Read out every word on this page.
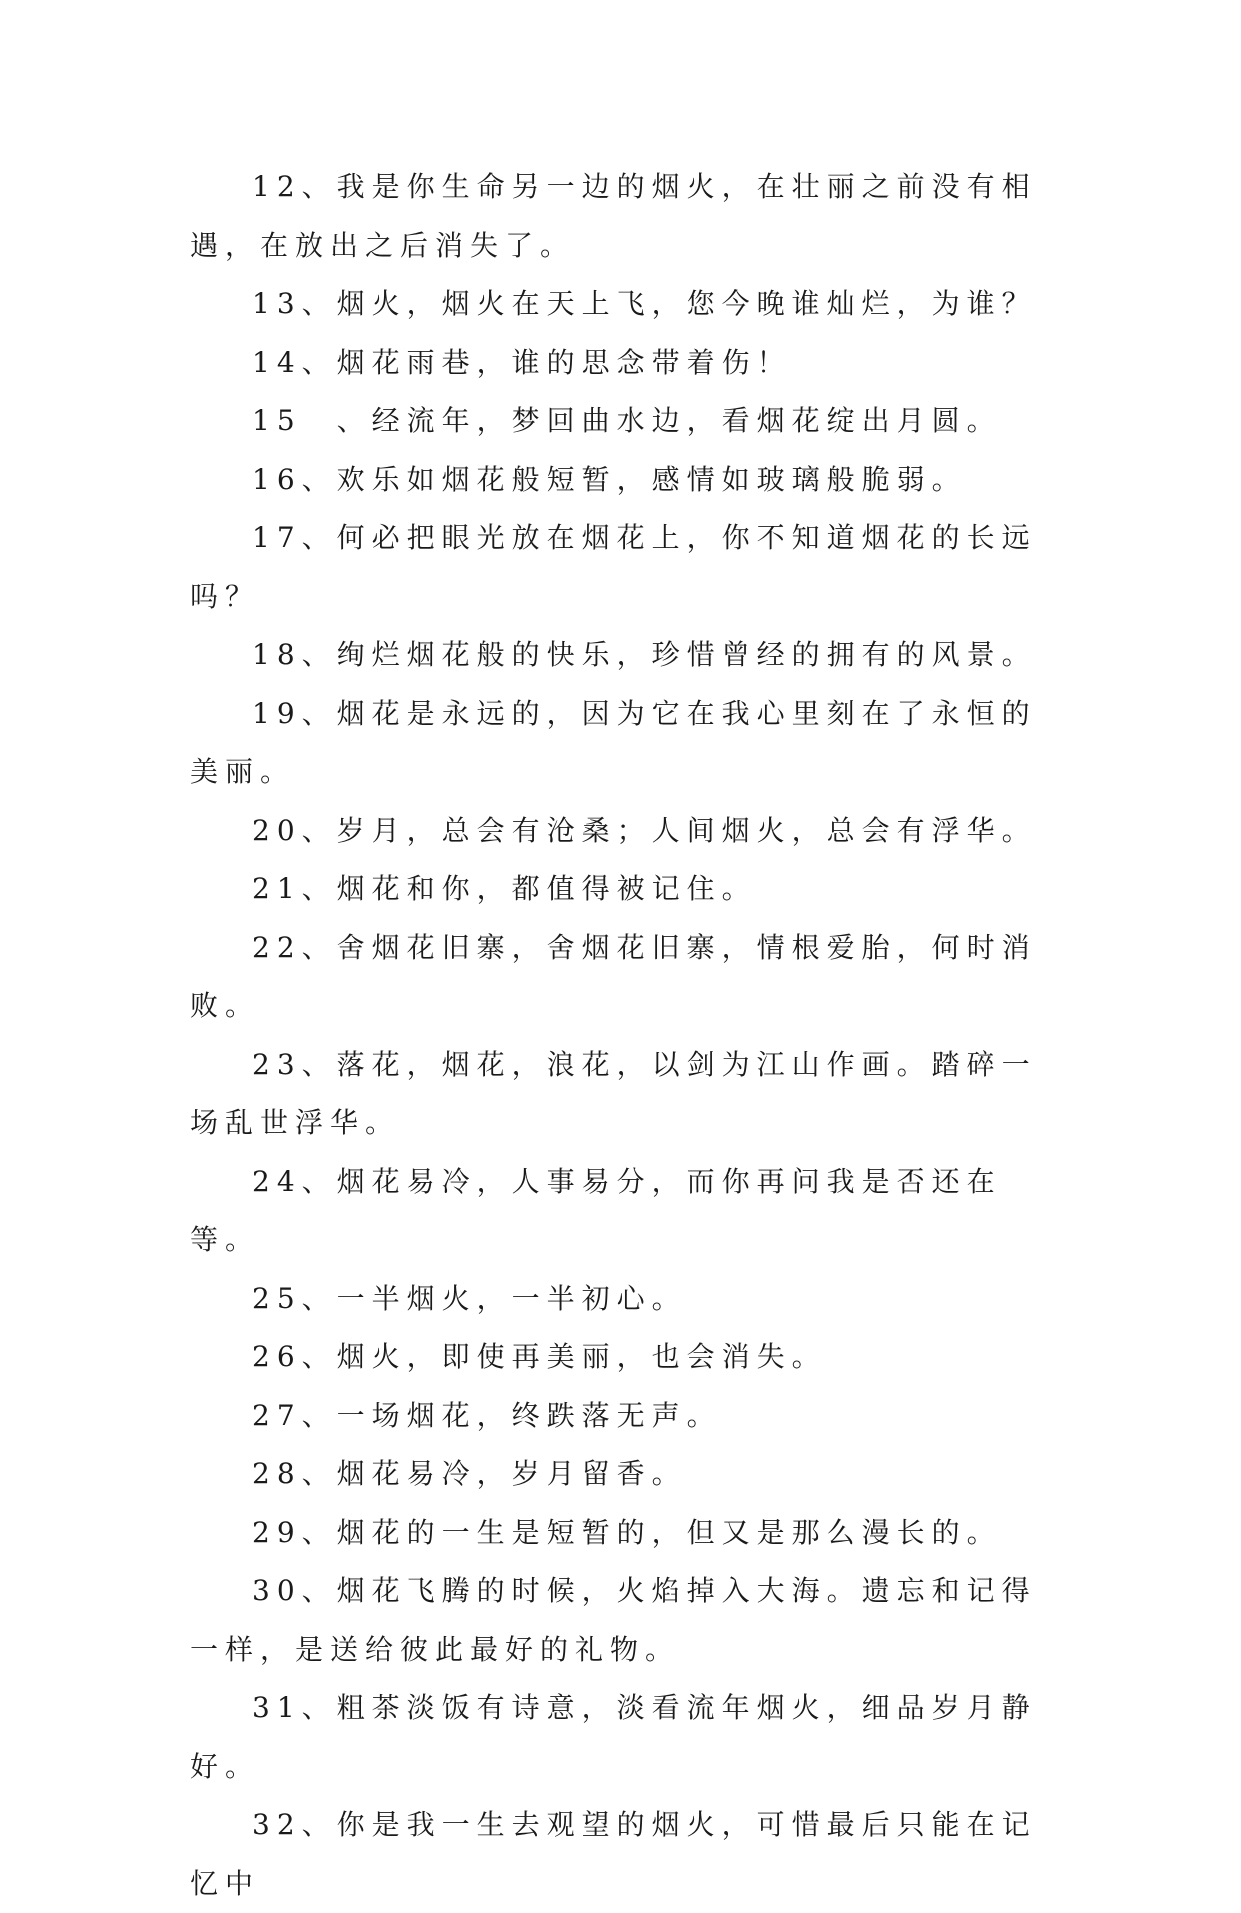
12、我是你生命另一边的烟火，在壮丽之前没有相遇，在放出之后消失了。

13、烟火，烟火在天上飞，您今晚谁灿烂，为谁？

14、烟花雨巷，谁的思念带着伤！

15　、经流年，梦回曲水边，看烟花绽出月圆。

16、欢乐如烟花般短暂，感情如玻璃般脆弱。

17、何必把眼光放在烟花上，你不知道烟花的长远吗？

18、绚烂烟花般的快乐，珍惜曾经的拥有的风景。

19、烟花是永远的，因为它在我心里刻在了永恒的美丽。

20、岁月，总会有沧桑；人间烟火，总会有浮华。

21、烟花和你，都值得被记住。

22、舍烟花旧寨，舍烟花旧寨，情根爱胎，何时消败。

23、落花，烟花，浪花，以剑为江山作画。踏碎一场乱世浮华。

24、烟花易冷，人事易分，而你再问我是否还在等。

25、一半烟火，一半初心。

26、烟火，即使再美丽，也会消失。

27、一场烟花，终跌落无声。

28、烟花易冷，岁月留香。

29、烟花的一生是短暂的，但又是那么漫长的。

30、烟花飞腾的时候，火焰掉入大海。遗忘和记得一样，是送给彼此最好的礼物。

31、粗茶淡饭有诗意，淡看流年烟火，细品岁月静好。

32、你是我一生去观望的烟火，可惜最后只能在记忆中
